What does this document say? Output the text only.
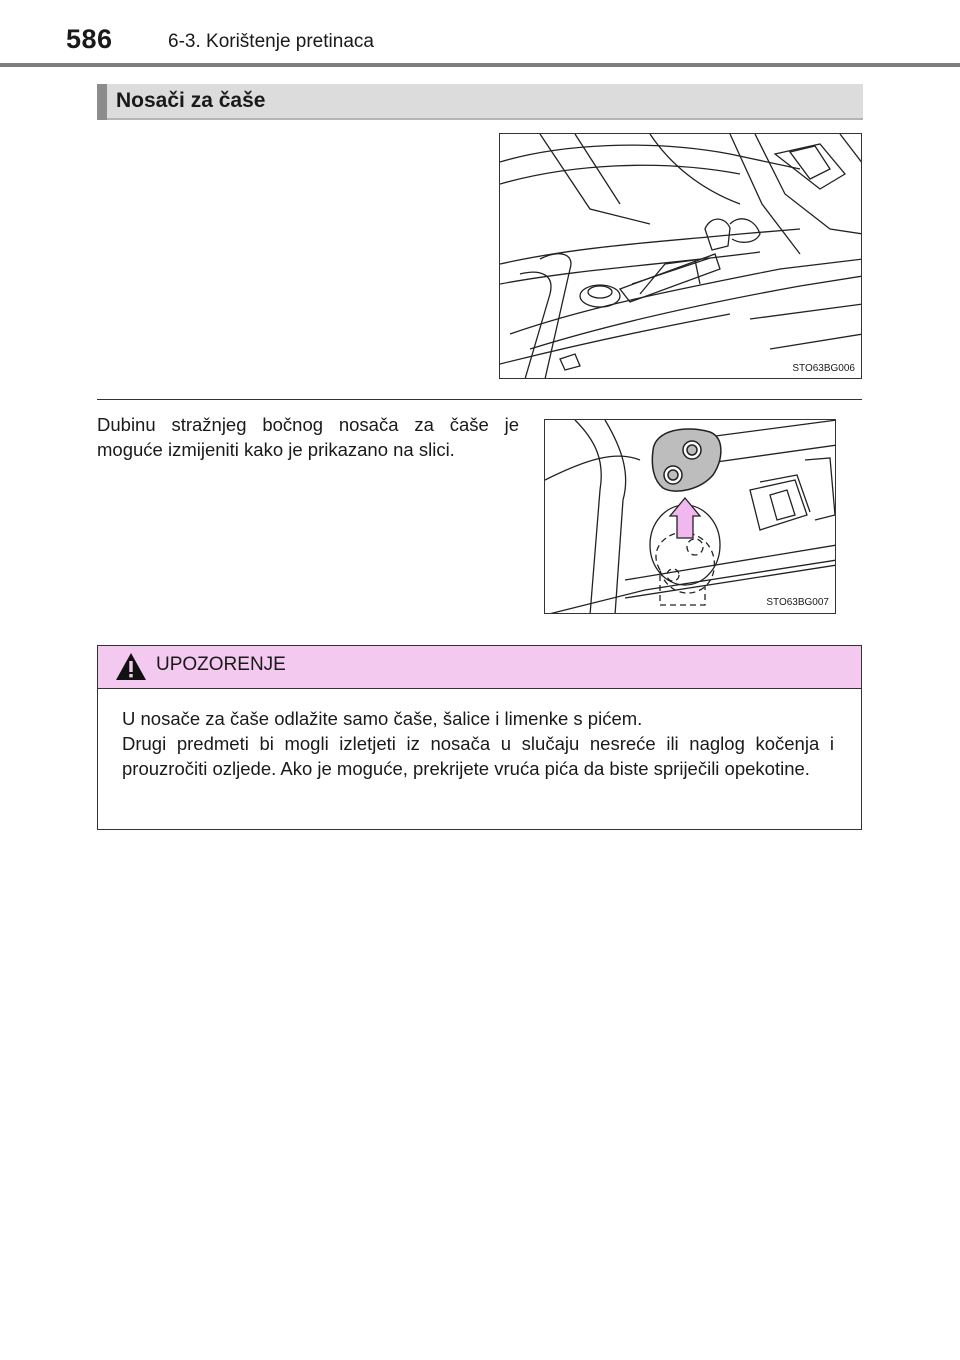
586	6-3. Korištenje pretinaca
Nosači za čaše
STO63BG006
Dubinu stražnjeg bočnog nosača za čaše je moguće izmijeniti kako je prikazano na slici.
STO63BG007
UPOZORENJE

U nosače za čaše odlažite samo čaše, šalice i limenke s pićem.

Drugi predmeti bi mogli izletjeti iz nosača u slučaju nesreće ili naglog kočenja i prouzročiti ozljede. Ako je moguće, prekrijete vruća pića da biste spriječili opekotine.
